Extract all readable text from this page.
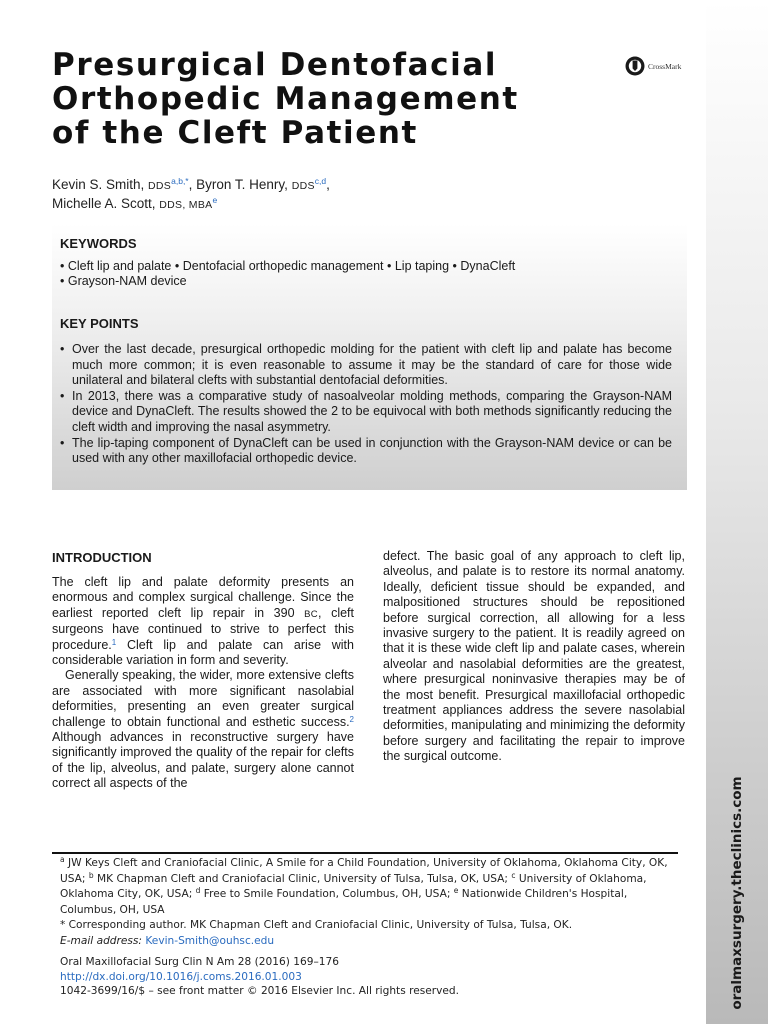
oralmaxsurgery.theclinics.com
Presurgical Dentofacial
Orthopedic Management
of the Cleft Patient
CrossMark
Kevin S. Smith, $DDS^{a,b,*}$, Byron T. Henry, DDS$^{c,d}$,
Michelle A. Scott, DDS, MBA$^e$
KEYWORDS
• Cleft lip and palate • Dentofacial orthopedic management • Lip taping • DynaCleft
• Grayson-NAM device
KEY POINTS
• Over the last decade, presurgical orthopedic molding for the patient with cleft lip and palate has become much more common; it is even reasonable to assume it may be the standard of care for those wide unilateral and bilateral clefts with substantial dentofacial deformities.
• In 2013, there was a comparative study of nasoalveolar molding methods, comparing the Grayson-NAM device and DynaCleft. The results showed the 2 to be equivocal with both methods significantly reducing the cleft width and improving the nasal asymmetry.
• The lip-taping component of DynaCleft can be used in conjunction with the Grayson-NAM device or can be used with any other maxillofacial orthopedic device.
INTRODUCTION

The cleft lip and palate deformity presents an enormous and complex surgical challenge. Since the earliest reported cleft lip repair in 390 BC, cleft surgeons have continued to strive to perfect this procedure.$^1$ Cleft lip and palate can arise with considerable variation in form and severity.

Generally speaking, the wider, more extensive clefts are associated with more significant nasolabial deformities, presenting an even greater surgical challenge to obtain functional and esthetic success.$^2$ Although advances in reconstructive surgery have significantly improved the quality of the repair for clefts of the lip, alveolus, and palate, surgery alone cannot correct all aspects of the

defect. The basic goal of any approach to cleft lip, alveolus, and palate is to restore its normal anatomy. Ideally, deficient tissue should be expanded, and malpositioned structures should be repositioned before surgical correction, all allowing for a less invasive surgery to the patient. It is readily agreed on that it is these wide cleft lip and palate cases, wherein alveolar and nasolabial deformities are the greatest, where presurgical noninvasive therapies may be of the most benefit. Presurgical maxillofacial orthopedic treatment appliances address the severe nasolabial deformities, manipulating and minimizing the deformity before surgery and facilitating the repair to improve the surgical outcome.

$^a$ JW Keys Cleft and Craniofacial Clinic, A Smile for a Child Foundation, University of Oklahoma, Oklahoma City, OK, USA; $^b$ MK Chapman Cleft and Craniofacial Clinic, University of Tulsa, Tulsa, OK, USA; $^c$ University of Oklahoma, Oklahoma City, OK, USA; $^d$ Free to Smile Foundation, Columbus, OH, USA; $^e$ Nationwide Children's Hospital, Columbus, OH, USA

* Corresponding author. MK Chapman Cleft and Craniofacial Clinic, University of Tulsa, Tulsa, OK.

E-mail address: Kevin-Smith@ouhsc.edu

Oral Maxillofacial Surg Clin N Am 28 (2016) 169–176
http://dx.doi.org/10.1016/j.coms.2016.01.003
1042-3699/16/$ – see front matter © 2016 Elsevier Inc. All rights reserved.
